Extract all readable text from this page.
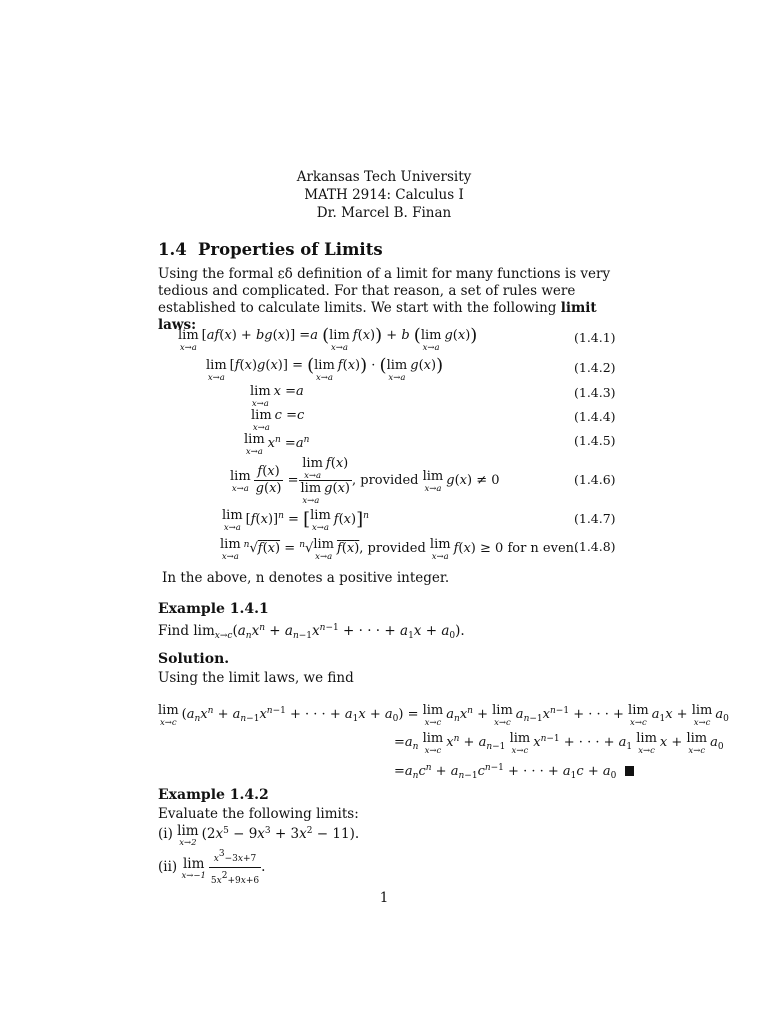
Arkansas Tech University
MATH 2914: Calculus I
Dr. Marcel B. Finan
1.4 Properties of Limits
Using the formal εδ definition of a limit for many functions is very tedious and complicated. For that reason, a set of rules were established to calculate limits. We start with the following limit laws:
lim
x→a
[af(x) + bg(x)] =a (lim
x→a
f(x)) + b (lim
x→a
g(x))	(1.4.1)
lim
x→a
[f(x)g(x)] = (lim
x→a
f(x)) · (lim
x→a
g(x))	(1.4.2)
lim
x→a
x =a	(1.4.3)
lim
x→a
c =c	(1.4.4)
lim
x→a
$x^n =a^n$	(1.4.5)
lim
$x\to a \frac{f(x)}{g(x)} = \lim$
x→a
f(x)
lim
x→a
g(x) , provided lim
x→a
g(x) ≠ 0	(1.4.6)
lim
x→a
$[f(x)]^n = [\lim$
x→a
f(x)]$^n$	(1.4.7)
lim
x→a
$^n$√f(x) = $^n$√lim
x→a
f(x), provided lim
x→a
f(x) ≥ 0 for n even.
(1.4.8)
In the above, n denotes a positive integer.
Example 1.4.1
Find $\lim_{x\to c}(a_nx^n + a_{n-1}x^{n-1}$ + · · · + $a_1x + a_0$).
Solution.
Using the limit laws, we find
lim
x→c
($a_nx^n + a_{n-1}x^{n-1}$ + · · · + $a_1x + a_0) = \lim$
x→c
$a_nx^n + \lim$
x→c
$a_{n-1}x^{n-1}$ + · · · + lim
x→c
$a_1x + \lim$
x→c
$a_0$
$=a_n$ lim
x→c
$x^n + a_{n-1}$ lim
x→c
$x^{n-1}$ + · · · + $a_1$ lim
x→c
x + lim
x→c
$a_0$
$=a_nc^n + a_{n-1}c^{n-1}$ + · · · + $a_1c + a_0$
Example 1.4.2
Evaluate the following limits:
(i) lim
x→2
$(2x^5 - 9x^3 + 3x^2 - 11)$.
(ii) lim
$x\to-1 \frac{x^3-3x+7}{5x^2+9x+6}$ .
1
